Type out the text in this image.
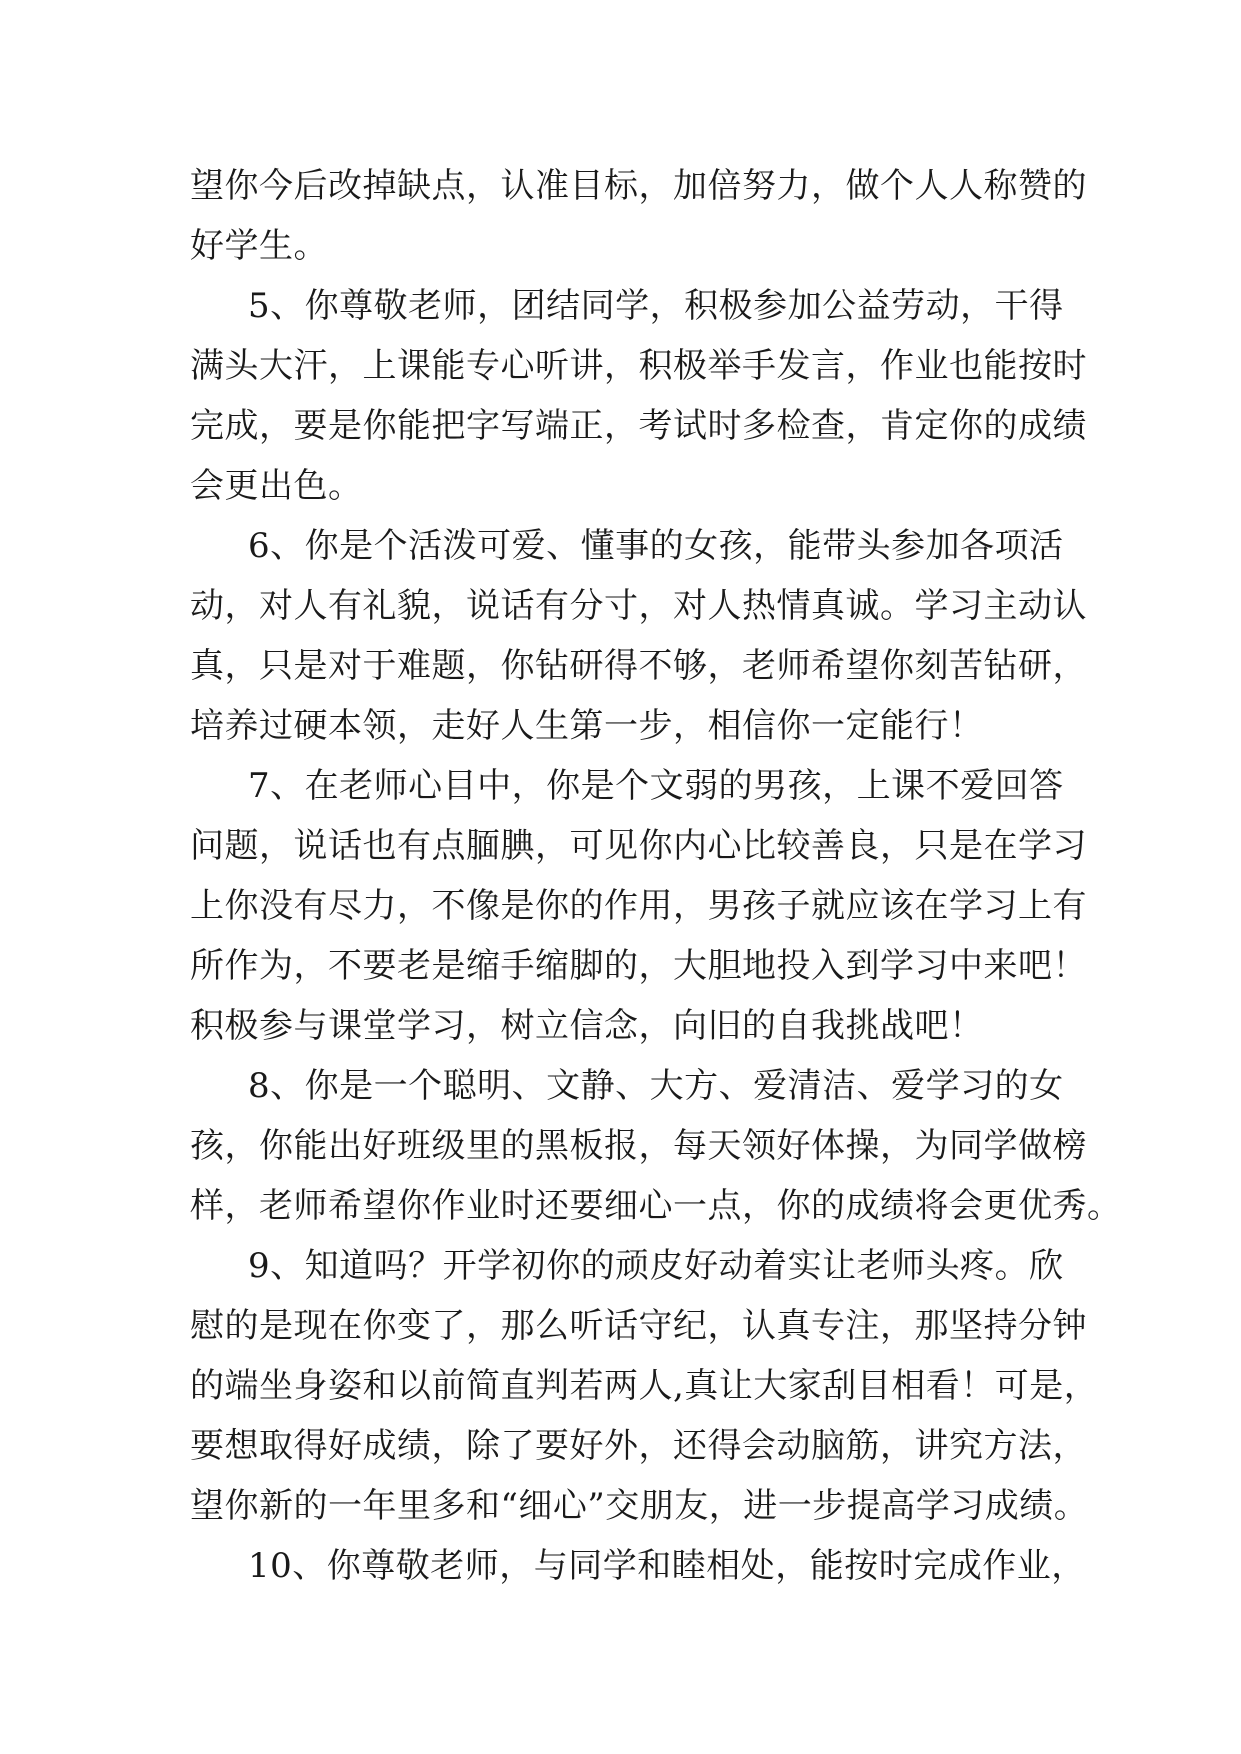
望你今后改掉缺点，认准目标，加倍努力，做个人人称赞的
好学生。
5、你尊敬老师，团结同学，积极参加公益劳动，干得
满头大汗，上课能专心听讲，积极举手发言，作业也能按时
完成，要是你能把字写端正，考试时多检查，肯定你的成绩
会更出色。
6、你是个活泼可爱、懂事的女孩，能带头参加各项活
动，对人有礼貌，说话有分寸，对人热情真诚。学习主动认
真，只是对于难题，你钻研得不够，老师希望你刻苦钻研，
培养过硬本领，走好人生第一步，相信你一定能行！
7、在老师心目中，你是个文弱的男孩，上课不爱回答
问题，说话也有点腼腆，可见你内心比较善良，只是在学习
上你没有尽力，不像是你的作用，男孩子就应该在学习上有
所作为，不要老是缩手缩脚的，大胆地投入到学习中来吧！
积极参与课堂学习，树立信念，向旧的自我挑战吧！
8、你是一个聪明、文静、大方、爱清洁、爱学习的女
孩，你能出好班级里的黑板报，每天领好体操，为同学做榜
样，老师希望你作业时还要细心一点，你的成绩将会更优秀。
9、知道吗？开学初你的顽皮好动着实让老师头疼。欣
慰的是现在你变了，那么听话守纪，认真专注，那坚持分钟
的端坐身姿和以前简直判若两人,真让大家刮目相看！可是，
要想取得好成绩，除了要好外，还得会动脑筋，讲究方法，
望你新的一年里多和“细心”交朋友，进一步提高学习成绩。
10、你尊敬老师，与同学和睦相处，能按时完成作业，
